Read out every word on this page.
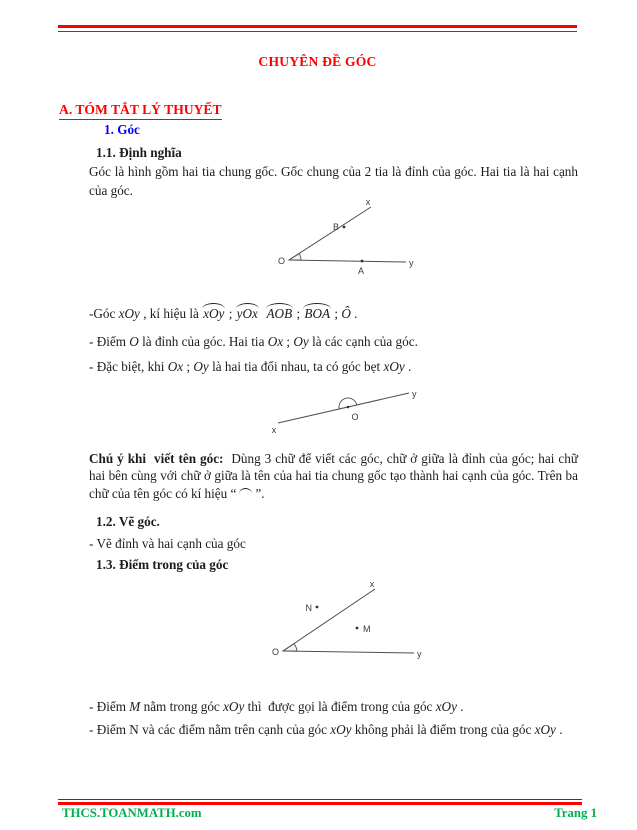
CHUYÊN ĐỀ GÓC
A. TÓM TẮT LÝ THUYẾT
1. Góc
1.1. Định nghĩa
Góc là hình gồm hai tia chung gốc. Gốc chung của 2 tia là đỉnh của góc. Hai tia là hai cạnh của góc.
O
x
B
A
y
-Góc xOy , kí hiệu là xOy ; yOx AOB ; BOA ; Ô .
- Điểm O là đỉnh của góc. Hai tia Ox ; Oy là các cạnh của góc.
- Đặc biệt, khi Ox ; Oy là hai tia đối nhau, ta có góc bẹt xOy .
x
y
O
Chú ý khi  viết tên góc:  Dùng 3 chữ để viết các góc, chữ ở giữa là đỉnh của góc; hai chữ hai bên cùng với chữ ở giữa là tên của hai tia chung gốc tạo thành hai cạnh của góc. Trên ba chữ của tên góc có kí hiệu “ ”.
1.2. Vẽ góc.
- Vẽ đỉnh và hai cạnh của góc
1.3. Điểm trong của góc
N
M
O
x
y
- Điểm M nằm trong góc xOy thì  được gọi là điểm trong của góc xOy .
- Điểm N và các điểm nằm trên cạnh của góc xOy không phải là điểm trong của góc xOy .
THCS.TOANMATH.com	Trang 1
